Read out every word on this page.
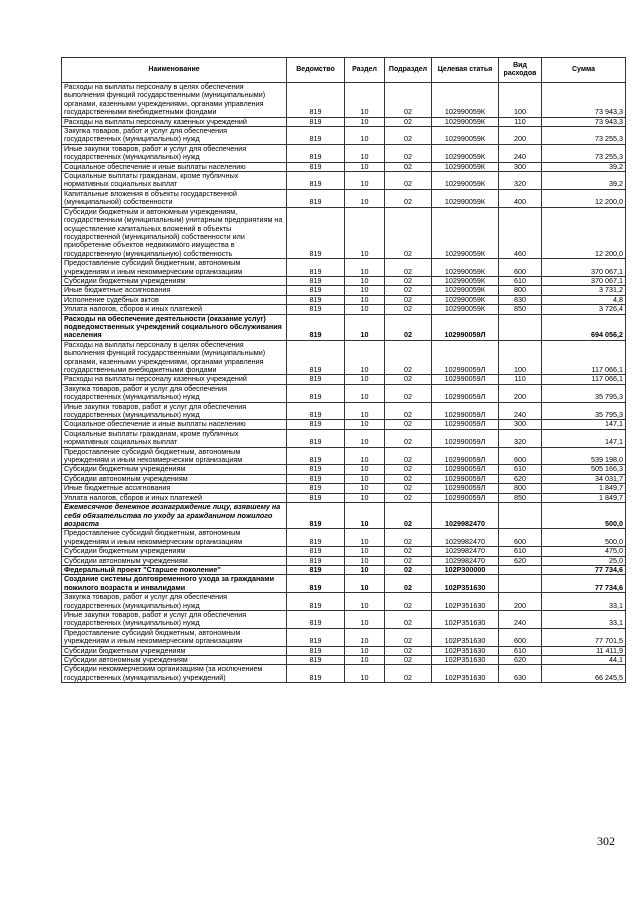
Наименование	Ведомство	Раздел	Подраздел	Целевая статья	Вид расходов	Сумма
Расходы на выплаты персоналу в целях обеспечения выполнения функций государственными (муниципальными) органами, казенными учреждениями, органами управления государственными внебюджетными фондами	819	10	02	102990059К	100	73 943,3
Расходы на выплаты персоналу казенных учреждений	819	10	02	102990059К	110	73 943,3
Закупка товаров, работ и услуг для обеспечения государственных (муниципальных) нужд	819	10	02	102990059К	200	73 255,3
Иные закупки товаров, работ и услуг для обеспечения государственных (муниципальных) нужд	819	10	02	102990059К	240	73 255,3
Социальное обеспечение и иные выплаты населению	819	10	02	102990059К	300	39,2
Социальные выплаты гражданам, кроме публичных нормативных социальных выплат	819	10	02	102990059К	320	39,2
Капитальные вложения в объекты государственной (муниципальной) собственности	819	10	02	102990059К	400	12 200,0
Субсидии бюджетным и автономным учреждениям, государственным (муниципальным) унитарным предприятиям на осуществление капитальных вложений в объекты государственной (муниципальной) собственности или приобретение объектов недвижимого имущества в государственную (муниципальную) собственность	819	10	02	102990059К	460	12 200,0
Предоставление субсидий бюджетным, автономным учреждениям и иным некоммерческим организациям	819	10	02	102990059К	600	370 067,1
Субсидии бюджетным учреждениям	819	10	02	102990059К	610	370 067,1
Иные бюджетные ассигнования	819	10	02	102990059К	800	3 731,2
Исполнение судебных актов	819	10	02	102990059К	830	4,8
Уплата налогов, сборов и иных платежей	819	10	02	102990059К	850	3 726,4
Расходы на обеспечение деятельности (оказание услуг) подведомственных учреждений социального обслуживания населения	819	10	02	102990059Л		694 056,2
Расходы на выплаты персоналу в целях обеспечения выполнения функций государственными (муниципальными) органами, казенными учреждениями, органами управления государственными внебюджетными фондами	819	10	02	102990059Л	100	117 066,1
Расходы на выплаты персоналу казенных учреждений	819	10	02	102990059Л	110	117 066,1
Закупка товаров, работ и услуг для обеспечения государственных (муниципальных) нужд	819	10	02	102990059Л	200	35 795,3
Иные закупки товаров, работ и услуг для обеспечения государственных (муниципальных) нужд	819	10	02	102990059Л	240	35 795,3
Социальное обеспечение и иные выплаты населению	819	10	02	102990059Л	300	147,1
Социальные выплаты гражданам, кроме публичных нормативных социальных выплат	819	10	02	102990059Л	320	147,1
Предоставление субсидий бюджетным, автономным учреждениям и иным некоммерческим организациям	819	10	02	102990059Л	600	539 198,0
Субсидии бюджетным учреждениям	819	10	02	102990059Л	610	505 166,3
Субсидии автономным учреждениям	819	10	02	102990059Л	620	34 031,7
Иные бюджетные ассигнования	819	10	02	102990059Л	800	1 849,7
Уплата налогов, сборов и иных платежей	819	10	02	102990059Л	850	1 849,7
Ежемесячное денежное вознаграждение лицу, взявшему на себя обязательства по уходу за гражданином пожилого возраста	819	10	02	1029982470		500,0
Предоставление субсидий бюджетным, автономным учреждениям и иным некоммерческим организациям	819	10	02	1029982470	600	500,0
Субсидии бюджетным учреждениям	819	10	02	1029982470	610	475,0
Субсидии автономным учреждениям	819	10	02	1029982470	620	25,0
Федеральный проект "Старшее поколение"	819	10	02	102P300000		77 734,6
Создание системы долговременного ухода за гражданами пожилого возраста и инвалидами	819	10	02	102P351630		77 734,6
Закупка товаров, работ и услуг для обеспечения государственных (муниципальных) нужд	819	10	02	102P351630	200	33,1
Иные закупки товаров, работ и услуг для обеспечения государственных (муниципальных) нужд	819	10	02	102P351630	240	33,1
Предоставление субсидий бюджетным, автономным учреждениям и иным некоммерческим организациям	819	10	02	102P351630	600	77 701,5
Субсидии бюджетным учреждениям	819	10	02	102P351630	610	11 411,9
Субсидии автономным учреждениям	819	10	02	102P351630	620	44,1
Субсидии некоммерческим организациям (за исключением государственных (муниципальных) учреждений)	819	10	02	102P351630	630	66 245,5
302
